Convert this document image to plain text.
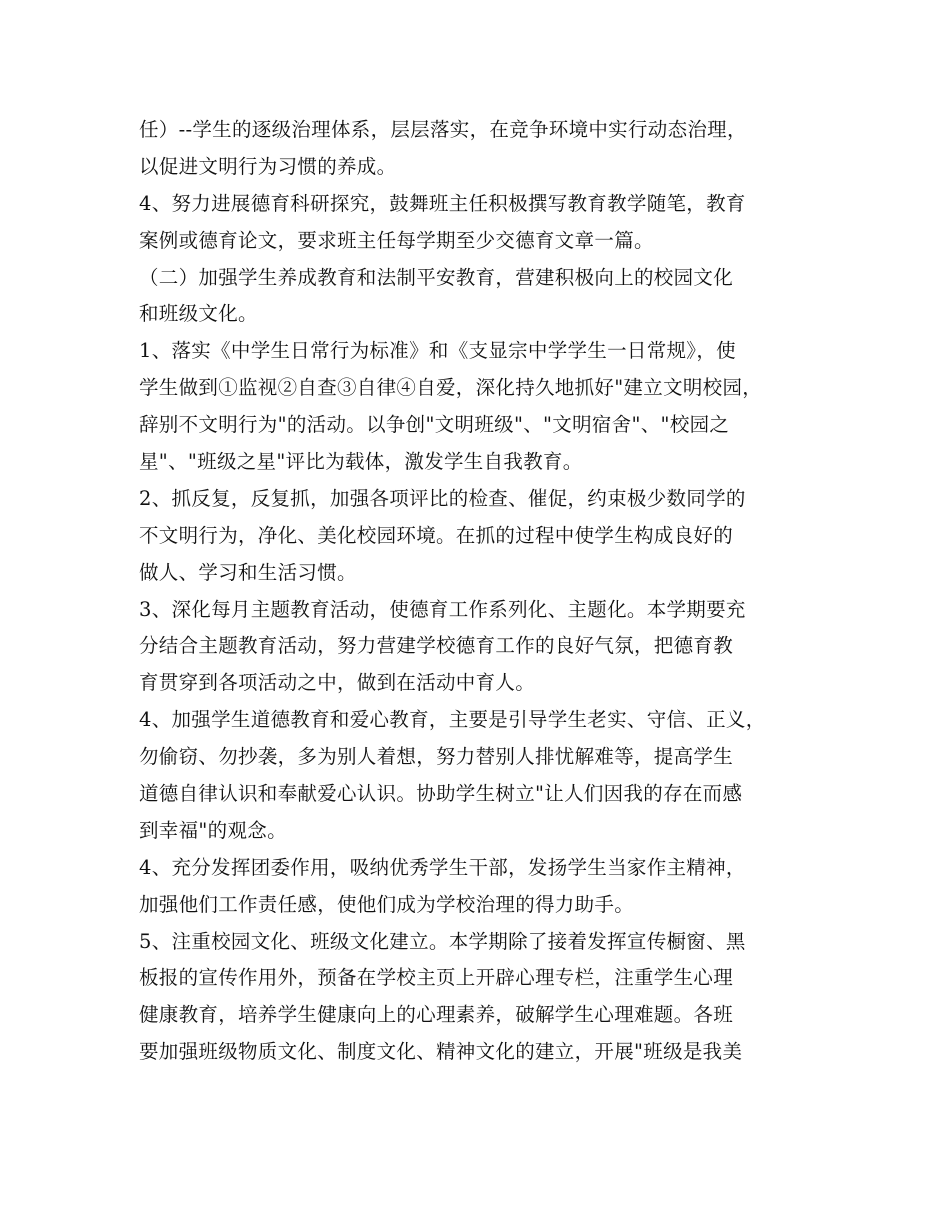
任）--学生的逐级治理体系，层层落实，在竞争环境中实行动态治理，
以促进文明行为习惯的养成。
4、努力进展德育科研探究，鼓舞班主任积极撰写教育教学随笔，教育
案例或德育论文，要求班主任每学期至少交德育文章一篇。
（二）加强学生养成教育和法制平安教育，营建积极向上的校园文化
和班级文化。
1、落实《中学生日常行为标准》和《支显宗中学学生一日常规》，使
学生做到①监视②自查③自律④自爱，深化持久地抓好"建立文明校园，
辞别不文明行为"的活动。以争创"文明班级"、"文明宿舍"、"校园之
星"、"班级之星"评比为载体，激发学生自我教育。
2、抓反复，反复抓，加强各项评比的检查、催促，约束极少数同学的
不文明行为，净化、美化校园环境。在抓的过程中使学生构成良好的
做人、学习和生活习惯。
3、深化每月主题教育活动，使德育工作系列化、主题化。本学期要充
分结合主题教育活动，努力营建学校德育工作的良好气氛，把德育教
育贯穿到各项活动之中，做到在活动中育人。
4、加强学生道德教育和爱心教育，主要是引导学生老实、守信、正义，
勿偷窃、勿抄袭，多为别人着想，努力替别人排忧解难等，提高学生
道德自律认识和奉献爱心认识。协助学生树立"让人们因我的存在而感
到幸福"的观念。
4、充分发挥团委作用，吸纳优秀学生干部，发扬学生当家作主精神，
加强他们工作责任感，使他们成为学校治理的得力助手。
5、注重校园文化、班级文化建立。本学期除了接着发挥宣传橱窗、黑
板报的宣传作用外，预备在学校主页上开辟心理专栏，注重学生心理
健康教育，培养学生健康向上的心理素养，破解学生心理难题。各班
要加强班级物质文化、制度文化、精神文化的建立，开展"班级是我美
